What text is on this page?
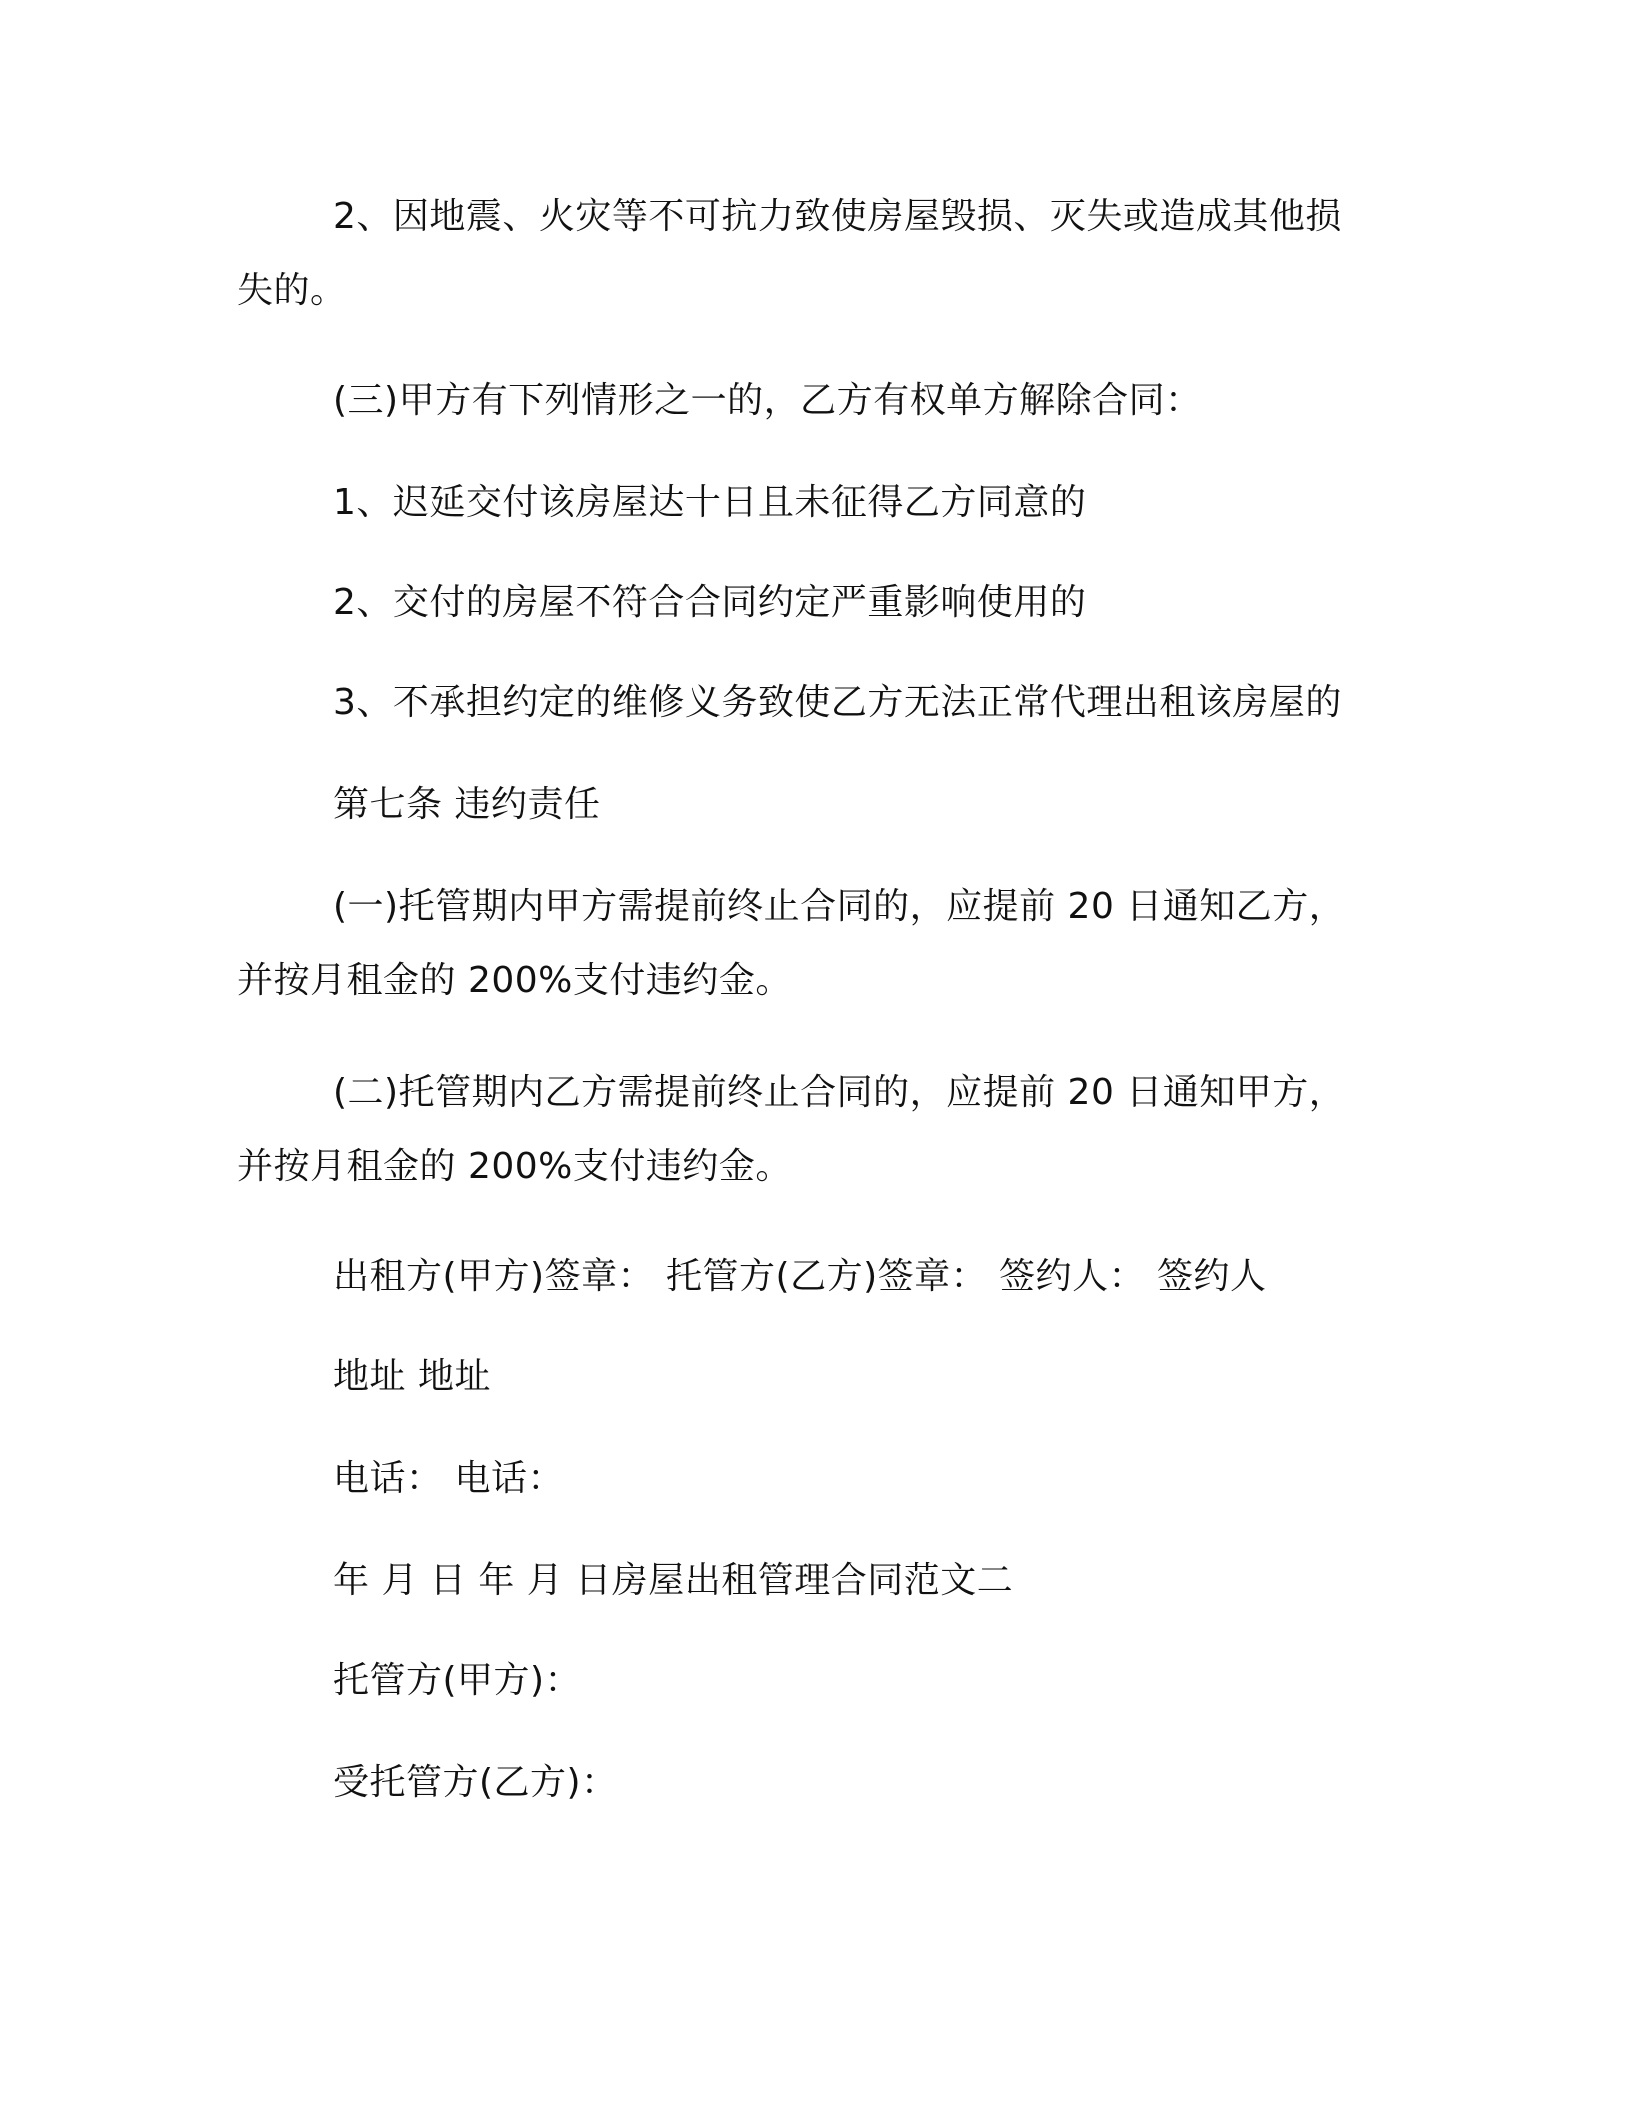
2、因地震、火灾等不可抗力致使房屋毁损、灭失或造成其他损失的。

(三)甲方有下列情形之一的，乙方有权单方解除合同：

1、迟延交付该房屋达十日且未征得乙方同意的

2、交付的房屋不符合合同约定严重影响使用的

3、不承担约定的维修义务致使乙方无法正常代理出租该房屋的

第七条 违约责任

(一)托管期内甲方需提前终止合同的，应提前 20 日通知乙方，并按月租金的 200%支付违约金。

(二)托管期内乙方需提前终止合同的，应提前 20 日通知甲方，并按月租金的 200%支付违约金。

出租方(甲方)签章： 托管方(乙方)签章： 签约人： 签约人

地址 地址

电话： 电话：

年 月 日 年 月 日房屋出租管理合同范文二

托管方(甲方)：

受托管方(乙方)：
